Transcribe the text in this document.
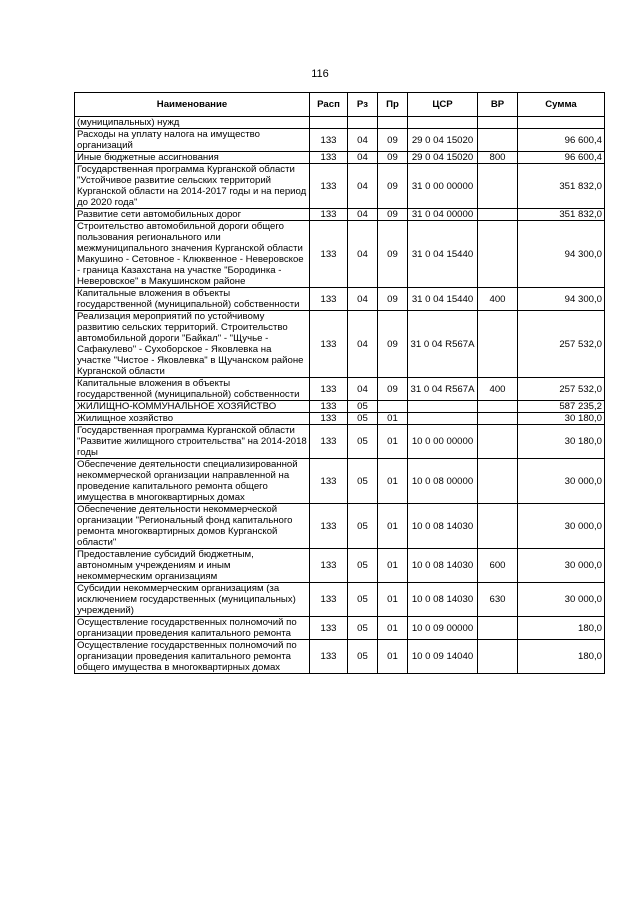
116
Наименование	Расп	Рз	Пр	ЦСР	ВР	Сумма
(муниципальных) нужд						
Расходы на уплату налога на имущество организаций	133	04	09	29 0 04 15020		96 600,4
Иные бюджетные ассигнования	133	04	09	29 0 04 15020	800	96 600,4
Государственная программа Курганской области "Устойчивое развитие сельских территорий Курганской области на 2014-2017 годы и на период до 2020 года"	133	04	09	31 0 00 00000		351 832,0
Развитие сети автомобильных дорог	133	04	09	31 0 04 00000		351 832,0
Строительство автомобильной дороги общего пользования регионального или межмуниципального значения Курганской области Макушино - Сетовное - Клюквенное - Неверовское - граница Казахстана на участке "Бородинка - Неверовское" в Макушинском районе	133	04	09	31 0 04 15440		94 300,0
Капитальные вложения в объекты государственной (муниципальной) собственности	133	04	09	31 0 04 15440	400	94 300,0
Реализация мероприятий по устойчивому развитию сельских территорий. Строительство автомобильной дороги "Байкал" - "Щучье - Сафакулево" - Сухоборское - Яковлевка на участке "Чистое - Яковлевка" в Щучанском районе Курганской области	133	04	09	31 0 04 R567A		257 532,0
Капитальные вложения в объекты государственной (муниципальной) собственности	133	04	09	31 0 04 R567A	400	257 532,0
ЖИЛИЩНО-КОММУНАЛЬНОЕ ХОЗЯЙСТВО	133	05				587 235,2
Жилищное хозяйство	133	05	01			30 180,0
Государственная программа Курганской области "Развитие жилищного строительства" на 2014-2018 годы	133	05	01	10 0 00 00000		30 180,0
Обеспечение деятельности специализированной некоммерческой организации направленной на проведение капитального ремонта общего имущества в многоквартирных домах	133	05	01	10 0 08 00000		30 000,0
Обеспечение деятельности некоммерческой организации "Региональный фонд капитального ремонта многоквартирных домов Курганской области"	133	05	01	10 0 08 14030		30 000,0
Предоставление субсидий бюджетным, автономным учреждениям и иным некоммерческим организациям	133	05	01	10 0 08 14030	600	30 000,0
Субсидии некоммерческим организациям (за исключением государственных (муниципальных) учреждений)	133	05	01	10 0 08 14030	630	30 000,0
Осуществление государственных полномочий по организации проведения капитального ремонта	133	05	01	10 0 09 00000		180,0
Осуществление государственных полномочий по организации проведения капитального ремонта общего имущества в многоквартирных домах	133	05	01	10 0 09 14040		180,0
